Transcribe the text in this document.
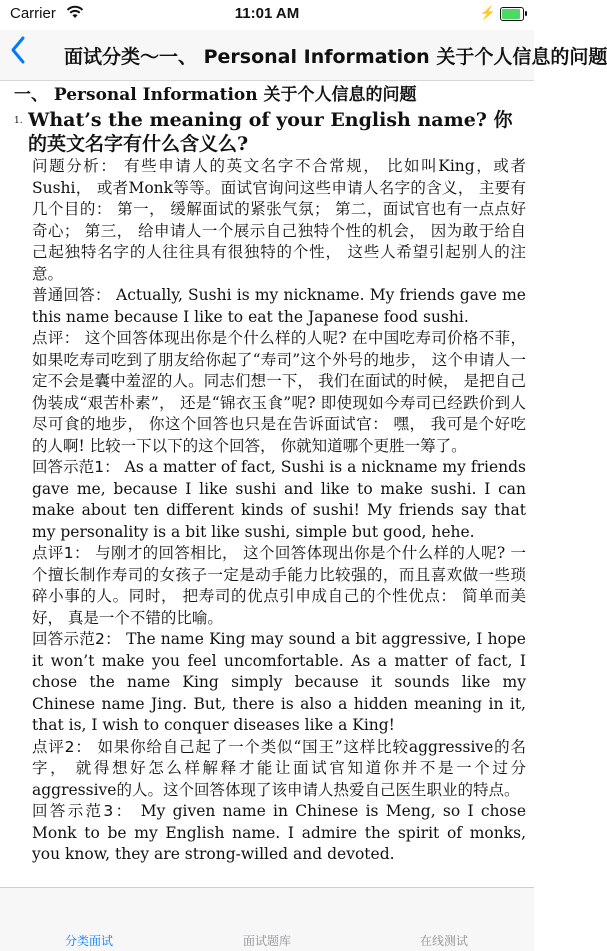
Carrier	11:01 AM	⚡
面试分类～一、 Personal Information 关于个人信息的问题
一、 Personal Information 关于个人信息的问题
1. What’s the meaning of your English name? 你的英文名字有什么含义么?
问题分析： 有些申请人的英文名字不合常规， 比如叫King，或者Sushi， 或者Monk等等。面试官询问这些申请人名字的含义， 主要有几个目的： 第一， 缓解面试的紧张气氛； 第二，面试官也有一点点好奇心； 第三， 给申请人一个展示自己独特个性的机会， 因为敢于给自己起独特名字的人往往具有很独特的个性， 这些人希望引起别人的注意。
普通回答： Actually, Sushi is my nickname. My friends gave me this name because I like to eat the Japanese food sushi.
点评： 这个回答体现出你是个什么样的人呢? 在中国吃寿司价格不菲， 如果吃寿司吃到了朋友给你起了“寿司”这个外号的地步， 这个申请人一定不会是囊中羞涩的人。同志们想一下， 我们在面试的时候， 是把自己伪装成“艰苦朴素”， 还是“锦衣玉食”呢? 即使现如今寿司已经跌价到人尽可食的地步， 你这个回答也只是在告诉面试官： 嘿， 我可是个好吃的人啊! 比较一下以下的这个回答， 你就知道哪个更胜一筹了。
回答示范1： As a matter of fact, Sushi is a nickname my friends gave me, because I like sushi and like to make sushi. I can make about ten different kinds of sushi! My friends say that my personality is a bit like sushi, simple but good, hehe.
点评1： 与刚才的回答相比， 这个回答体现出你是个什么样的人呢? 一个擅长制作寿司的女孩子一定是动手能力比较强的，而且喜欢做一些琐碎小事的人。同时， 把寿司的优点引申成自己的个性优点： 简单而美好， 真是一个不错的比喻。
回答示范2： The name King may sound a bit aggressive, I hope it won’t make you feel uncomfortable. As a matter of fact, I chose the name King simply because it sounds like my Chinese name Jing. But, there is also a hidden meaning in it, that is, I wish to conquer diseases like a King!
点评2： 如果你给自己起了一个类似“国王”这样比较aggressive的名字， 就得想好怎么样解释才能让面试官知道你并不是一个过分aggressive的人。这个回答体现了该申请人热爱自己医生职业的特点。
回答示范3： My given name in Chinese is Meng, so I chose Monk to be my English name. I admire the spirit of monks, you know, they are strong-willed and devoted.
分类面试	面试题库	在线测试
